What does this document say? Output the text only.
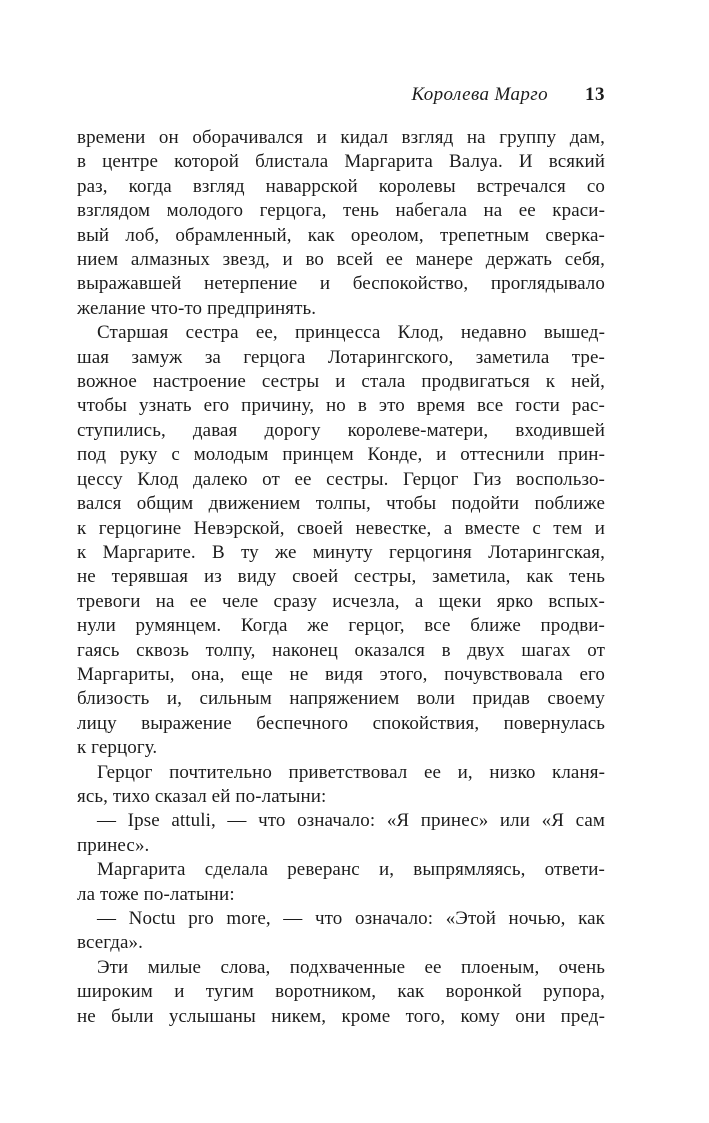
Королева Марго 13
времени он оборачивался и кидал взгляд на группу дам,
в центре которой блистала Маргарита Валуа. И всякий
раз, когда взгляд наваррской королевы встречался со
взглядом молодого герцога, тень набегала на ее краси-
вый лоб, обрамленный, как ореолом, трепетным сверка-
нием алмазных звезд, и во всей ее манере держать себя,
выражавшей нетерпение и беспокойство, проглядывало
желание что-то предпринять.
Старшая сестра ее, принцесса Клод, недавно вышед-
шая замуж за герцога Лотарингского, заметила тре-
вожное настроение сестры и стала продвигаться к ней,
чтобы узнать его причину, но в это время все гости рас-
ступились, давая дорогу королеве-матери, входившей
под руку с молодым принцем Конде, и оттеснили прин-
цессу Клод далеко от ее сестры. Герцог Гиз воспользо-
вался общим движением толпы, чтобы подойти поближе
к герцогине Невэрской, своей невестке, а вместе с тем и
к Маргарите. В ту же минуту герцогиня Лотарингская,
не терявшая из виду своей сестры, заметила, как тень
тревоги на ее челе сразу исчезла, а щеки ярко вспых-
нули румянцем. Когда же герцог, все ближе продви-
гаясь сквозь толпу, наконец оказался в двух шагах от
Маргариты, она, еще не видя этого, почувствовала его
близость и, сильным напряжением воли придав своему
лицу выражение беспечного спокойствия, повернулась
к герцогу.
Герцог почтительно приветствовал ее и, низко кланя-
ясь, тихо сказал ей по-латыни:
— Ipse attuli, — что означало: «Я принес» или «Я сам
принес».
Маргарита сделала реверанс и, выпрямляясь, ответи-
ла тоже по-латыни:
— Noctu pro more, — что означало: «Этой ночью, как
всегда».
Эти милые слова, подхваченные ее плоеным, очень
широким и тугим воротником, как воронкой рупора,
не были услышаны никем, кроме того, кому они пред-
